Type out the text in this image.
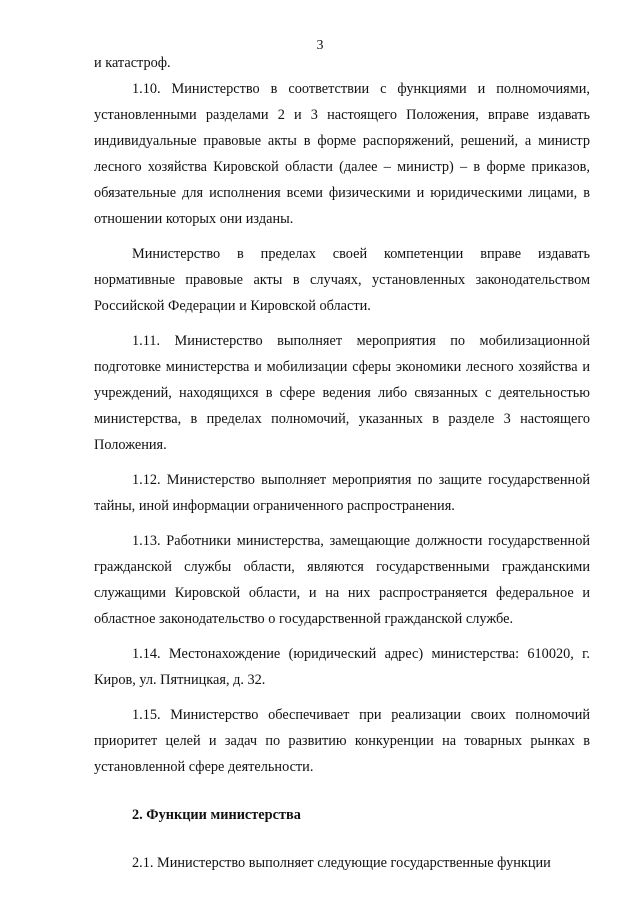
3

и катастроф.

1.10. Министерство в соответствии с функциями и полномочиями, установленными разделами 2 и 3 настоящего Положения, вправе издавать индивидуальные правовые акты в форме распоряжений, решений, а министр лесного хозяйства Кировской области (далее – министр) – в форме приказов, обязательные для исполнения всеми физическими и юридическими лицами, в отношении которых они изданы.

Министерство в пределах своей компетенции вправе издавать нормативные правовые акты в случаях, установленных законодательством Российской Федерации и Кировской области.

1.11. Министерство выполняет мероприятия по мобилизационной подготовке министерства и мобилизации сферы экономики лесного хозяйства и учреждений, находящихся в сфере ведения либо связанных с деятельностью министерства, в пределах полномочий, указанных в разделе 3 настоящего Положения.

1.12. Министерство выполняет мероприятия по защите государственной тайны, иной информации ограниченного распространения.

1.13. Работники министерства, замещающие должности государственной гражданской службы области, являются государственными гражданскими служащими Кировской области, и на них распространяется федеральное и областное законодательство о государственной гражданской службе.

1.14. Местонахождение (юридический адрес) министерства: 610020, г. Киров, ул. Пятницкая, д. 32.

1.15. Министерство обеспечивает при реализации своих полномочий приоритет целей и задач по развитию конкуренции на товарных рынках в установленной сфере деятельности.

2. Функции министерства

2.1. Министерство выполняет следующие государственные функции
